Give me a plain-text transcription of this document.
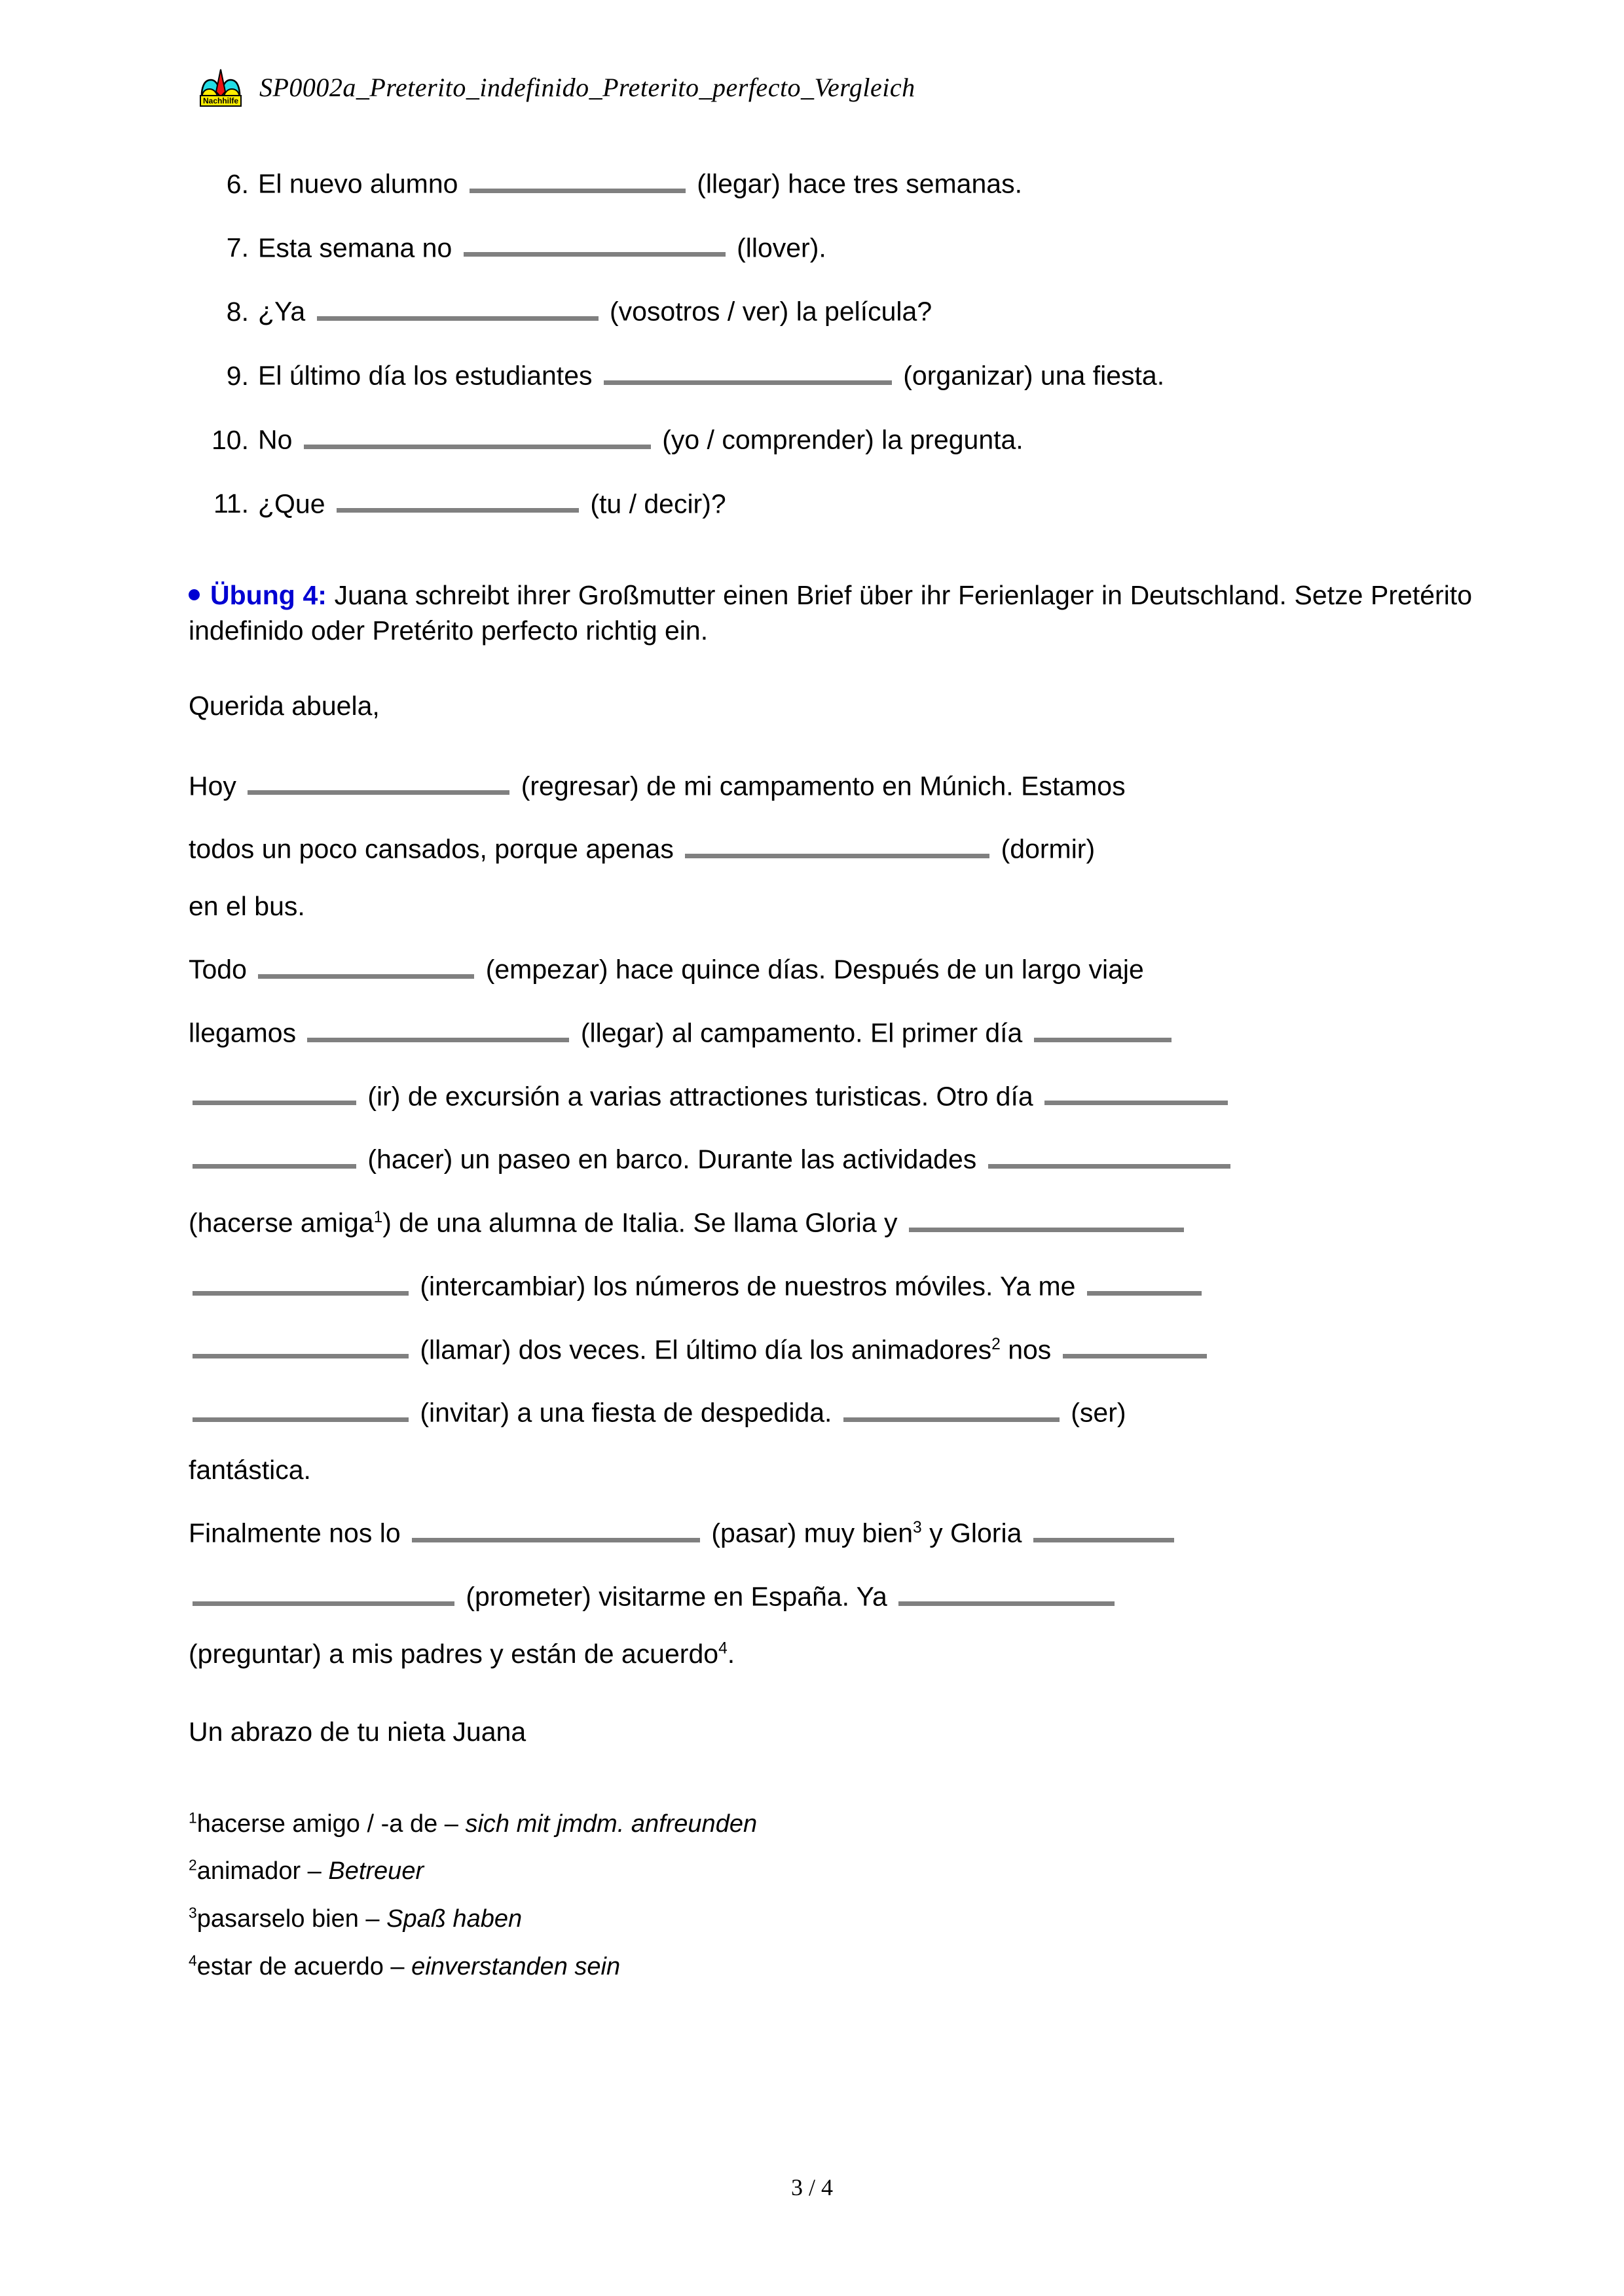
Nachhilfe SP0002a_Preterito_indefinido_Preterito_perfecto_Vergleich
6. El nuevo alumno	(llegar) hace tres semanas.
7. Esta semana no	(llover).
8. ¿Ya	(vosotros / ver) la película?
9. El último día los estudiantes	(organizar) una fiesta.
10. No	(yo / comprender) la pregunta.
11. ¿Que	(tu / decir)?
Übung 4: Juana schreibt ihrer Großmutter einen Brief über ihr Ferienlager in Deutschland. Setze Pretérito indefinido oder Pretérito perfecto richtig ein.
Querida abuela,
Hoy	(regresar) de mi campamento en Múnich. Estamos
todos un poco cansados, porque apenas	(dormir)
en el bus.
Todo	(empezar) hace quince días. Después de un largo viaje
llegamos	(llegar) al campamento. El primer día
(ir) de excursión a varias attractiones turisticas. Otro día
(hacer) un paseo en barco. Durante las actividades
(hacerse amiga$^1$) de una alumna de Italia. Se llama Gloria y
(intercambiar) los números de nuestros móviles. Ya me
(llamar) dos veces. El último día los animadores$^2$ nos
(invitar) a una fiesta de despedida.	(ser)
fantástica.
Finalmente nos lo	(pasar) muy bien$^3$ y Gloria
(prometer) visitarme en España. Ya
(preguntar) a mis padres y están de acuerdo$^4$.
Un abrazo de tu nieta Juana
$^1$hacerse amigo / -a de – sich mit jmdm. anfreunden
$^2$animador – Betreuer
$^3$pasarselo bien – Spaß haben
$^4$estar de acuerdo – einverstanden sein
3 / 4
